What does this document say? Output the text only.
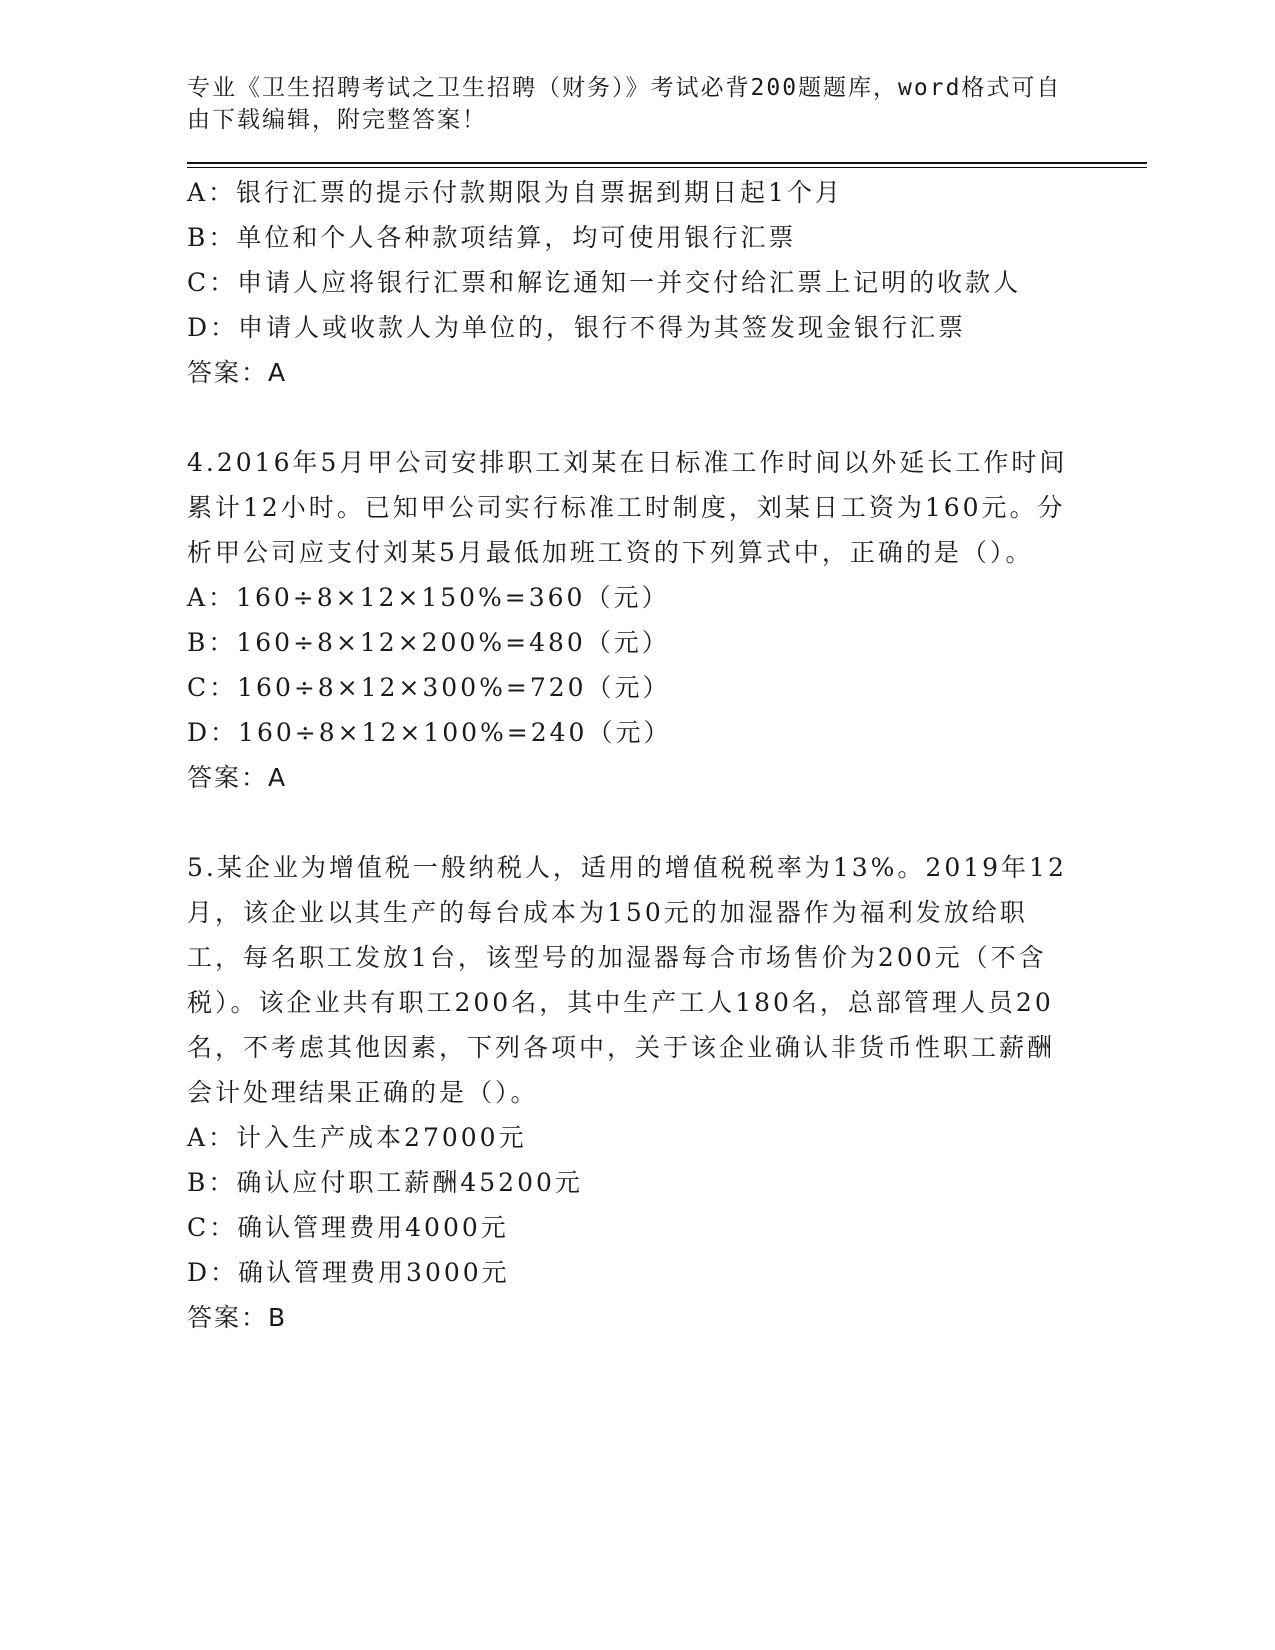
专业《卫生招聘考试之卫生招聘（财务）》考试必背200题题库，word格式可自由下载编辑，附完整答案！
A：银行汇票的提示付款期限为自票据到期日起1个月
B：单位和个人各种款项结算，均可使用银行汇票
C：申请人应将银行汇票和解讫通知一并交付给汇票上记明的收款人
D：申请人或收款人为单位的，银行不得为其签发现金银行汇票
答案：A
4.2016年5月甲公司安排职工刘某在日标准工作时间以外延长工作时间累计12小时。已知甲公司实行标准工时制度，刘某日工资为160元。分析甲公司应支付刘某5月最低加班工资的下列算式中，正确的是（）。
A：160÷8×12×150%=360（元）
B：160÷8×12×200%=480（元）
C：160÷8×12×300%=720（元）
D：160÷8×12×100%=240（元）
答案：A
5.某企业为增值税一般纳税人，适用的增值税税率为13%。2019年12月，该企业以其生产的每台成本为150元的加湿器作为福利发放给职工，每名职工发放1台，该型号的加湿器每合市场售价为200元（不含税）。该企业共有职工200名，其中生产工人180名，总部管理人员20名，不考虑其他因素，下列各项中，关于该企业确认非货币性职工薪酬会计处理结果正确的是（）。
A：计入生产成本27000元
B：确认应付职工薪酬45200元
C：确认管理费用4000元
D：确认管理费用3000元
答案：B
